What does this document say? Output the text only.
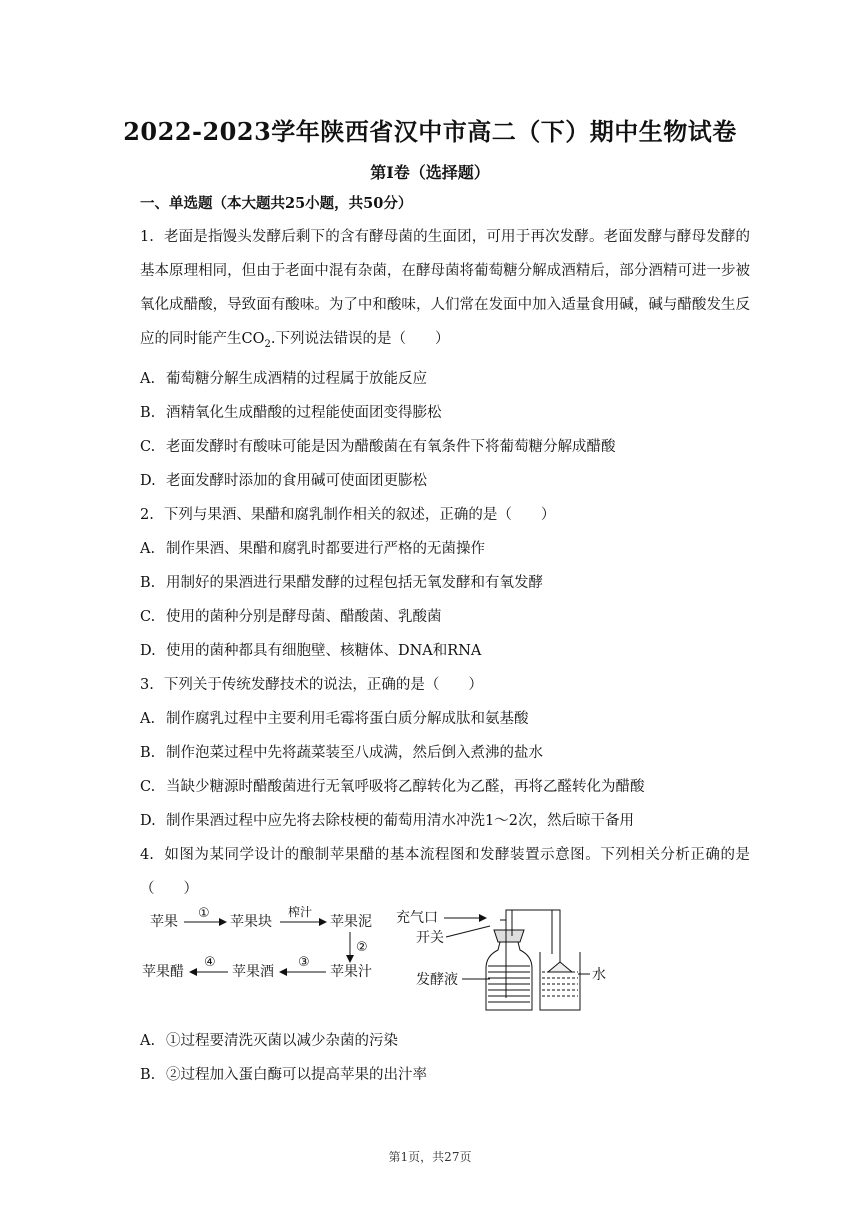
2022-2023学年陕西省汉中市高二（下）期中生物试卷
第I卷（选择题）
一、单选题（本大题共25小题，共50分）
1. 老面是指馒头发酵后剩下的含有酵母菌的生面团，可用于再次发酵。老面发酵与酵母发酵的基本原理相同，但由于老面中混有杂菌，在酵母菌将葡萄糖分解成酒精后，部分酒精可进一步被氧化成醋酸，导致面有酸味。为了中和酸味，人们常在发面中加入适量食用碱，碱与醋酸发生反应的同时能产生$CO_2$.下列说法错误的是（　　）
A. 葡萄糖分解生成酒精的过程属于放能反应
B. 酒精氧化生成醋酸的过程能使面团变得膨松
C. 老面发酵时有酸味可能是因为醋酸菌在有氧条件下将葡萄糖分解成醋酸
D. 老面发酵时添加的食用碱可使面团更膨松
2. 下列与果酒、果醋和腐乳制作相关的叙述，正确的是（　　）
A. 制作果酒、果醋和腐乳时都要进行严格的无菌操作
B. 用制好的果酒进行果醋发酵的过程包括无氧发酵和有氧发酵
C. 使用的菌种分别是酵母菌、醋酸菌、乳酸菌
D. 使用的菌种都具有细胞壁、核糖体、DNA和RNA
3. 下列关于传统发酵技术的说法，正确的是（　　）
A. 制作腐乳过程中主要利用毛霉将蛋白质分解成肽和氨基酸
B. 制作泡菜过程中先将蔬菜装至八成满，然后倒入煮沸的盐水
C. 当缺少糖源时醋酸菌进行无氧呼吸将乙醇转化为乙醛，再将乙醛转化为醋酸
D. 制作果酒过程中应先将去除枝梗的葡萄用清水冲洗1～2次，然后晾干备用
4. 如图为某同学设计的酿制苹果醋的基本流程图和发酵装置示意图。下列相关分析正确的是（　　）
苹果
①
苹果块
榨汁
苹果泥
②
苹果汁
③
苹果酒
④
苹果醋
充气口
开关
发酵液	水
A. ①过程要清洗灭菌以减少杂菌的污染
B. ②过程加入蛋白酶可以提高苹果的出汁率
第1页，共27页
